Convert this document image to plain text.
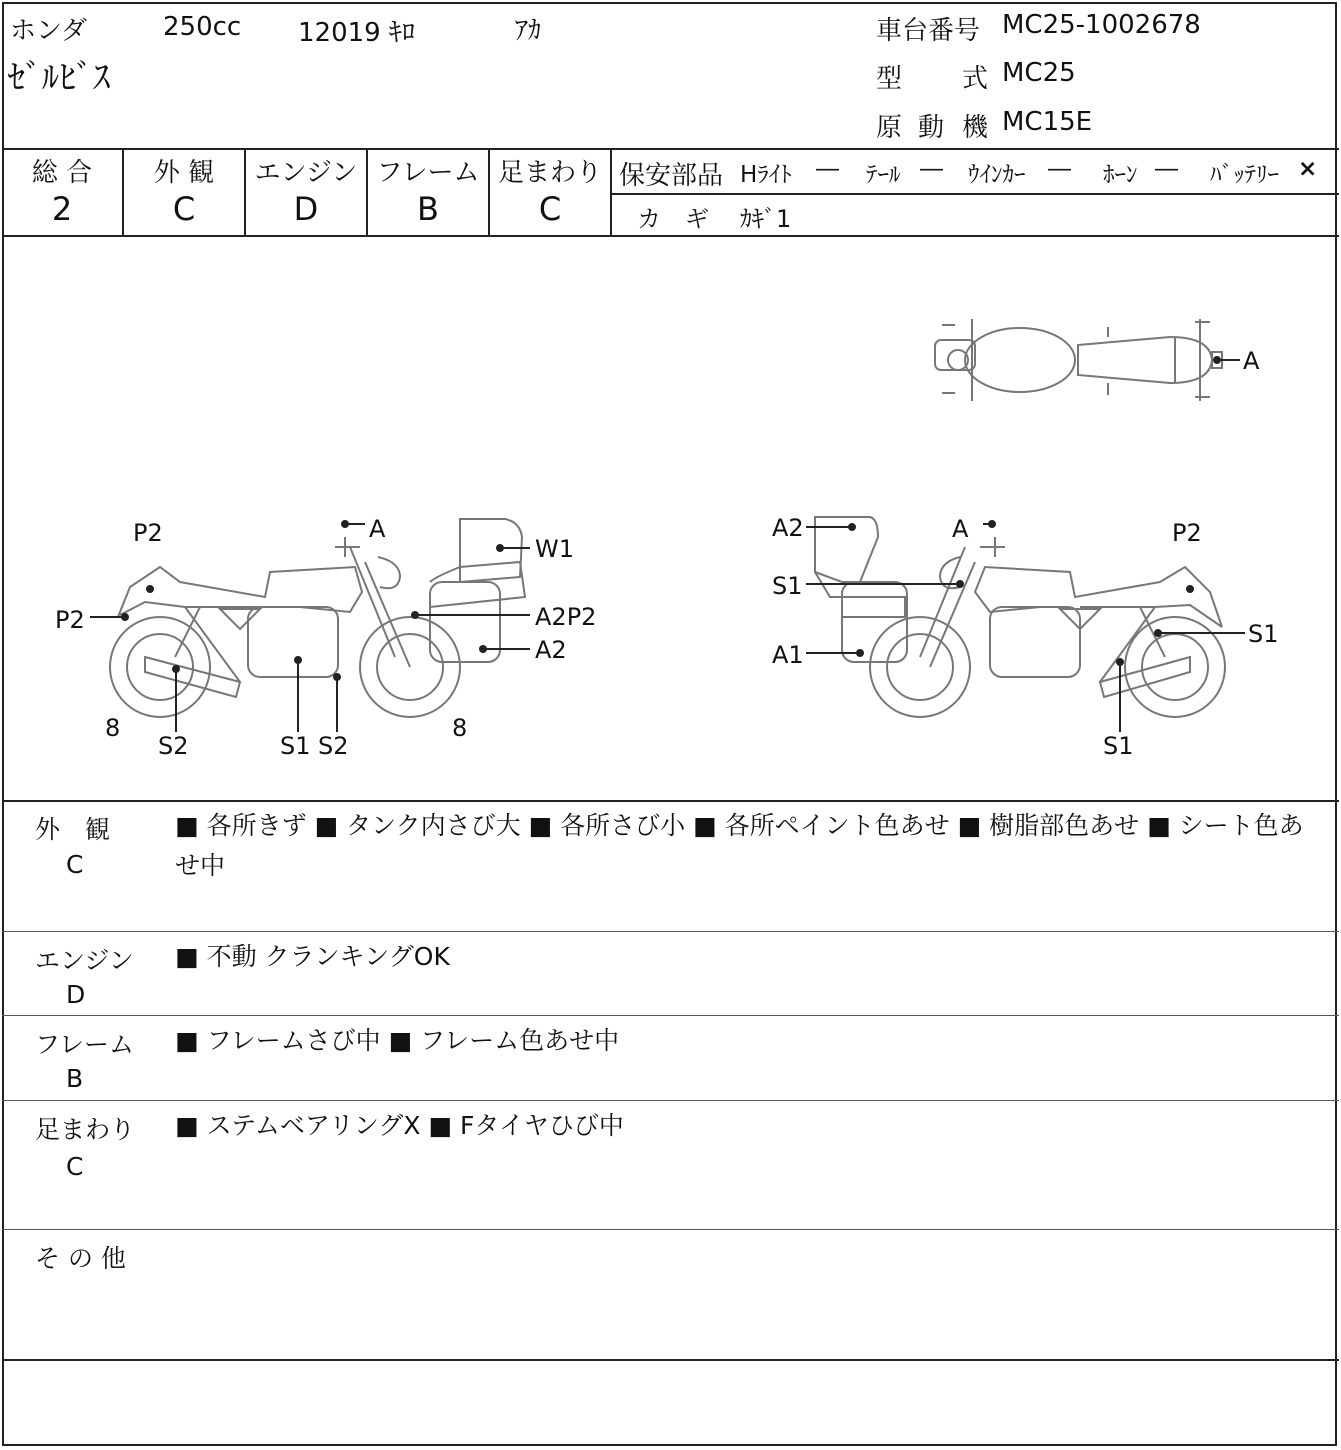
ホンダ	250cc 12019 ｷﾛ	ｱｶ
ｾﾞﾙﾋﾞｽ
車台番号 MC25-1002678
型 式 MC25
原 動 機 MC15E
総 合
2
外 観
C
エンジン
D
フレーム
B
足まわり
C
保安部品 Hﾗｲﾄ ― ﾃｰﾙ ― ｳｲﾝｶｰ ― ﾎｰﾝ ― ﾊﾞｯﾃﾘｰ ×
カ　ギ ｶｷﾞ1
P2	A
W1
P2	A2P2
A2
8
S2	S1 S2
8
A2	A	P2
S1
S1
A1
S1
A
外　観
C
■ 各所きず ■ タンク内さび大 ■ 各所さび小 ■ 各所ペイント色あせ ■ 樹脂部色あせ ■ シート色あせ中
エンジン
D
■ 不動 クランキングOK
フレーム
B
■ フレームさび中 ■ フレーム色あせ中
足まわり
C
■ ステムベアリングX ■ Fタイヤひび中
そ の 他
